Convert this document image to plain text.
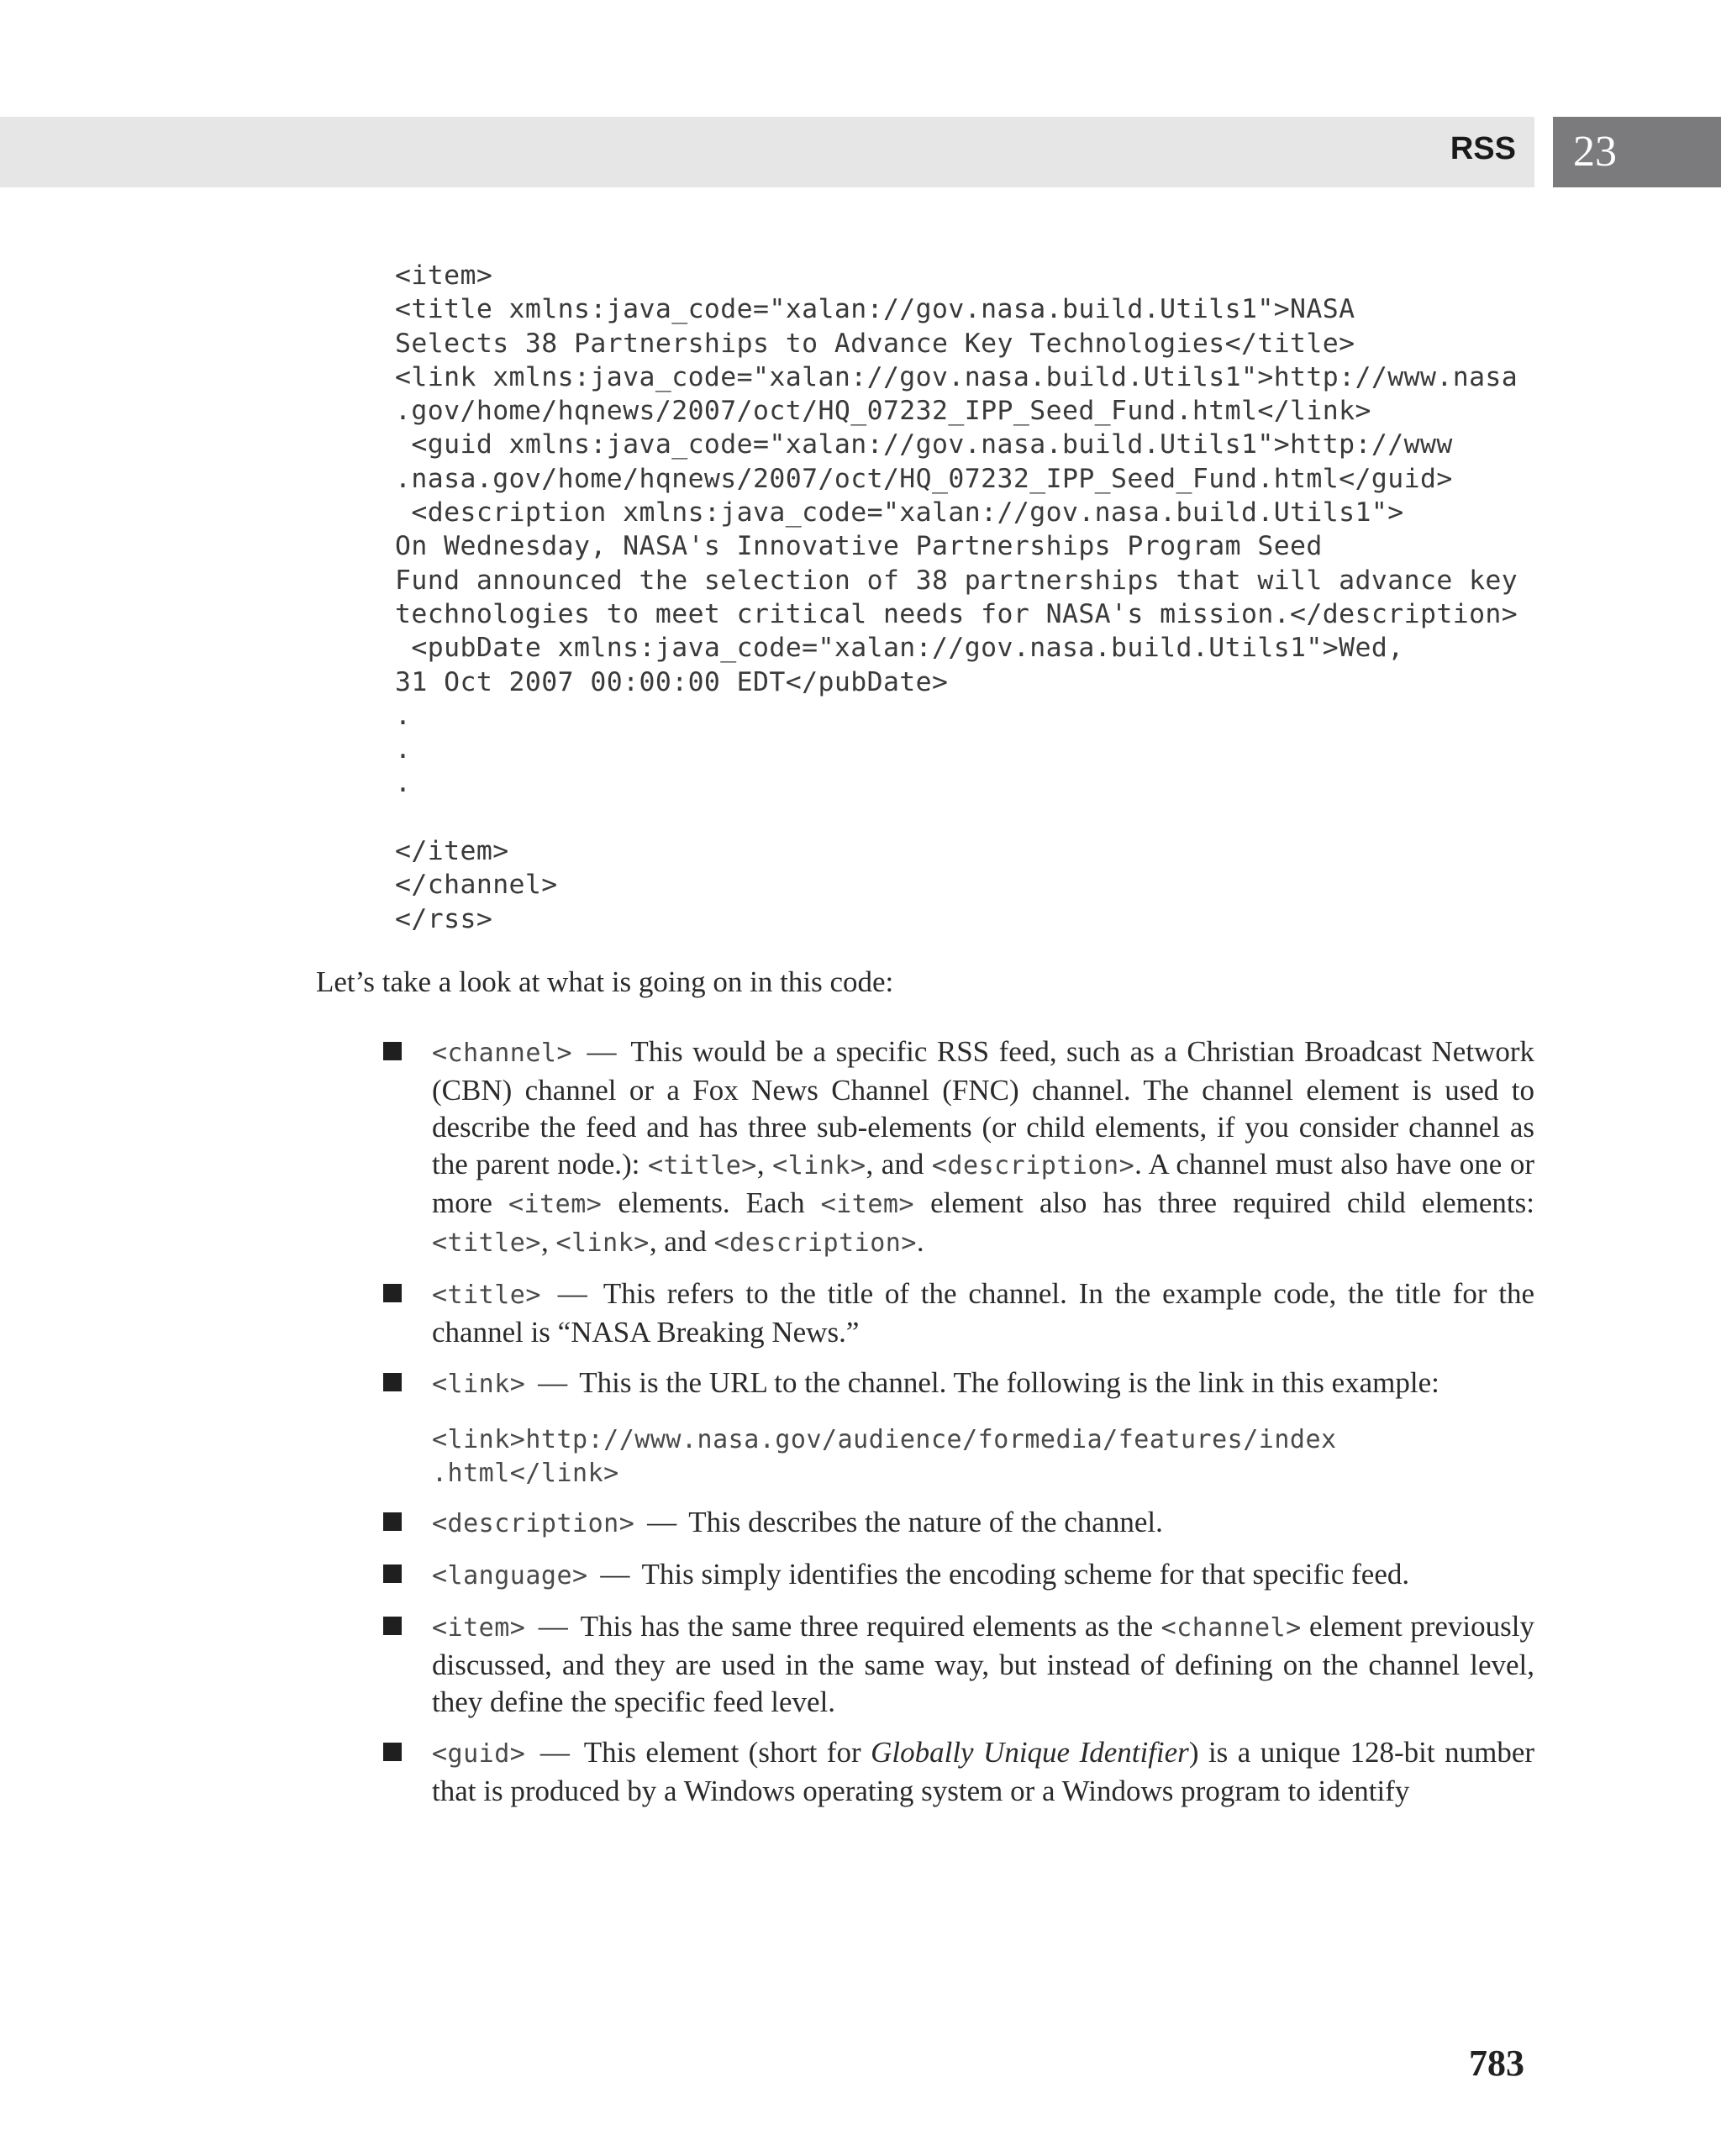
RSS	23
<item>
<title xmlns:java_code="xalan://gov.nasa.build.Utils1">NASA
Selects 38 Partnerships to Advance Key Technologies</title>
<link xmlns:java_code="xalan://gov.nasa.build.Utils1">http://www.nasa
.gov/home/hqnews/2007/oct/HQ_07232_IPP_Seed_Fund.html</link>
<guid xmlns:java_code="xalan://gov.nasa.build.Utils1">http://www
.nasa.gov/home/hqnews/2007/oct/HQ_07232_IPP_Seed_Fund.html</guid>
<description xmlns:java_code="xalan://gov.nasa.build.Utils1">
On Wednesday, NASA's Innovative Partnerships Program Seed
Fund announced the selection of 38 partnerships that will advance key
technologies to meet critical needs for NASA's mission.</description>
<pubDate xmlns:java_code="xalan://gov.nasa.build.Utils1">Wed,
31 Oct 2007 00:00:00 EDT</pubDate>
.
.
.

</item>
</channel>
</rss>
Let’s take a look at what is going on in this code:
<channel> — This would be a specific RSS feed, such as a Christian Broadcast Network (CBN) channel or a Fox News Channel (FNC) channel. The channel element is used to describe the feed and has three sub-elements (or child elements, if you consider channel as the parent node.): <title>, <link>, and <description>. A channel must also have one or more <item> elements. Each <item> element also has three required child elements: <title>, <link>, and <description>.
<title> — This refers to the title of the channel. In the example code, the title for the channel is “NASA Breaking News.”
<link> — This is the URL to the channel. The following is the link in this example:
<link>http://www.nasa.gov/audience/formedia/features/index
.html</link>
<description> — This describes the nature of the channel.
<language> — This simply identifies the encoding scheme for that specific feed.
<item> — This has the same three required elements as the <channel> element previously discussed, and they are used in the same way, but instead of defining on the channel level, they define the specific feed level.
<guid> — This element (short for Globally Unique Identifier) is a unique 128-bit number that is produced by a Windows operating system or a Windows program to identify
783
